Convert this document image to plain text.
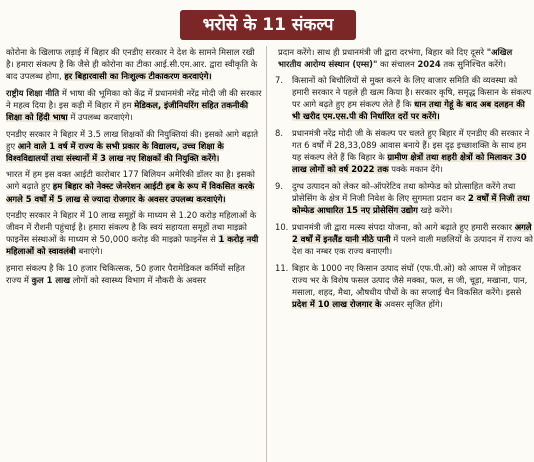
भरोसे के 11 संकल्प

कोरोना के खिलाफ लड़ाई में बिहार की एनडीए सरकार ने देश के सामने मिसाल रखी है। हमारा संकल्प है कि जैसे ही कोरोना का टीका आई.सी.एम.आर. द्वारा स्वीकृति के बाद उपलब्ध होगा, हर बिहारवासी का निःशुल्क टीकाकरण करवाएंगे।

राष्ट्रीय शिक्षा नीति में भाषा की भूमिका को केंद्र में प्रधानमंत्री नरेंद्र मोदी जी की सरकार ने महत्व दिया है। इस कड़ी में बिहार में हम मेडिकल, इंजीनियरिंग सहित तकनीकी शिक्षा को हिंदी भाषा में उपलब्ध करवाएंगे।

एनडीए सरकार ने बिहार में 3.5 लाख शिक्षकों की नियुक्तियां की। इसको आगे बढ़ाते हुए आने वाले 1 वर्ष में राज्य के सभी प्रकार के विद्यालय, उच्च शिक्षा के विश्वविद्यालयों तथा संस्थानों में 3 लाख नए शिक्षकों की नियुक्ति करेंगे।

भारत में हम इस वक्त आईटी कारोबार 177 बिलियन अमेरिकी डॉलर का है। इसको आगे बढ़ाते हुए हम बिहार को नेक्स्ट जेनरेशन आईटी हब के रूप में विकसित करके अगले 5 वर्षों में 5 लाख से ज्यादा रोजगार के अवसर उपलब्ध करवाएंगे।

एनडीए सरकार ने बिहार में 10 लाख समूहों के माध्यम से 1.20 करोड़ महिलाओं के जीवन में रौशनी पहुंचाई है। हमारा संकल्प है कि स्वयं सहायता समूहों तथा माइक्रो फाइनेंस संस्थाओं के माध्यम से 50,000 करोड़ की माइक्रो फाइनेंस से 1 करोड़ नयी महिलाओं को स्वावलंबी बनाएंगे।

हमारा संकल्प है कि 10 हजार चिकित्सक, 50 हजार पैरामेडिकल कर्मियों सहित राज्य में कुल 1 लाख लोगों को स्वास्थ्य विभाग में नौकरी के अवसर

प्रदान करेंगे। साथ ही प्रधानमंत्री जी द्वारा दरभंगा, बिहार को दिए दूसरे "अखिल भारतीय आरोग्य संस्थान (एम्स)" का संचालन 2024 तक सुनिश्चित करेंगे।

7. किसानों को बिचौलियों से मुक्त करने के लिए बाजार समिति की व्यवस्था को हमारी सरकार ने पहले ही खत्म किया है। सरकार कृषि, समृद्ध किसान के संकल्प पर आगे बढ़ते हुए हम संकल्प लेते हैं कि धान तथा गेहूं के बाद अब दलहन की भी खरीद एम.एस.पी की निर्धारित दरों पर करेंगे।

8. प्रधानमंत्री नरेंद्र मोदी जी के संकल्प पर चलते हुए बिहार में एनडीए की सरकार ने गत 6 वर्षों में 28,33,089 आवास बनाये हैं। इस दृढ़ इच्छाशक्ति के साथ हम यह संकल्प लेते हैं कि बिहार के ग्रामीण क्षेत्रों तथा शहरी क्षेत्रों को मिलाकर 30 लाख लोगों को वर्ष 2022 तक पक्के मकान देंगे।

9. दुग्ध उत्पादन को लेकर को-ऑपरेटिव तथा कोम्फेड को प्रोत्साहित करेंगे तथा प्रोसेसिंग के क्षेत्र में निजी निवेश के लिए सुगमता प्रदान कर 2 वर्षों में निजी तथा कोम्फेड आधारित 15 नए प्रोसेसिंग उद्योग खड़े करेंगे।

10. प्रधानमंत्री जी द्वारा मत्स्य संपदा योजना, को आगे बढ़ाते हुए हमारी सरकार अगले 2 वर्षों में इनलैंड यानी मीठे पानी में पलने वाली मछलियों के उत्पादन में राज्य को देश का नम्बर एक राज्य बनाएगी।

11. बिहार के 1000 नए किसान उत्पाद संघों (एफ.पी.ओ) को आपस में जोड़कर राज्य भर के विशेष फसल उत्पाद जैसे मक्का, फल, स जी, चूड़ा, मखाना, पान, मसाला, शहद, मैथा, औषधीय पौधों के का सप्लाई चैन विकसित करेंगे। इससे प्रदेश में 10 लाख रोजगार के अवसर सृजित होंगे।
